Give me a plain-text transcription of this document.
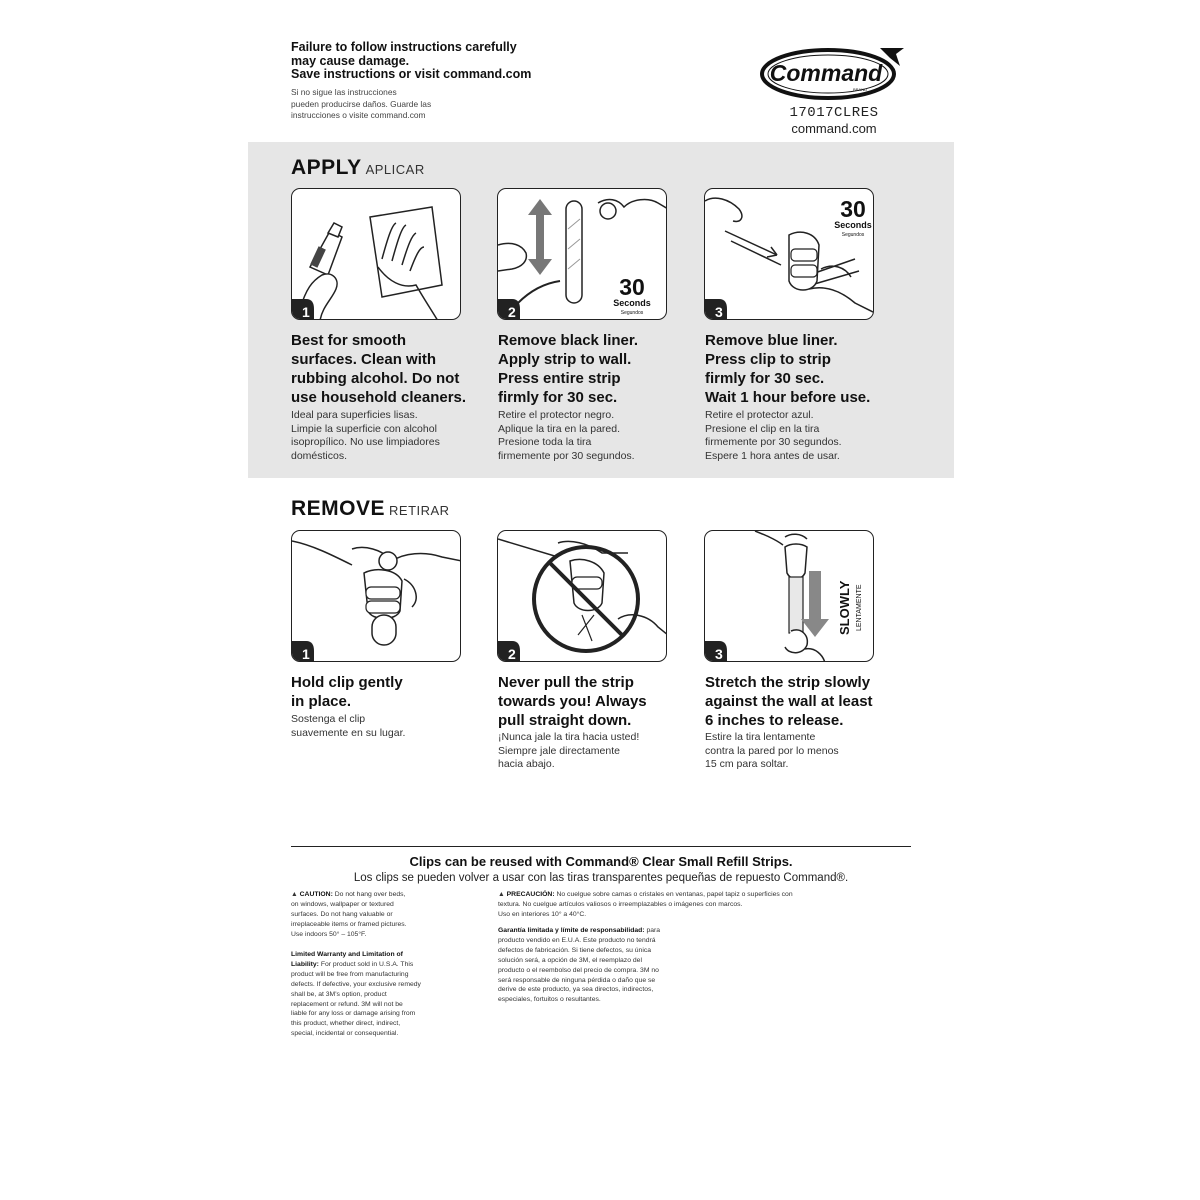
Failure to follow instructions carefully
may cause damage.
Save instructions or visit command.com
Si no sigue las instrucciones
pueden producirse daños. Guarde las
instrucciones o visite command.com
Command
BRAND
17017CLRES
command.com
APPLY APLICAR
1
30
Seconds
Segundos
2
30
Seconds
Segundos
3
Best for smooth
surfaces. Clean with
rubbing alcohol. Do not
use household cleaners.
Ideal para superficies lisas.
Limpie la superficie con alcohol
isopropílico. No use limpiadores
domésticos.
Remove black liner.
Apply strip to wall.
Press entire strip
firmly for 30 sec.
Retire el protector negro.
Aplique la tira en la pared.
Presione toda la tira
firmemente por 30 segundos.
Remove blue liner.
Press clip to strip
firmly for 30 sec.
Wait 1 hour before use.
Retire el protector azul.
Presione el clip en la tira
firmemente por 30 segundos.
Espere 1 hora antes de usar.
REMOVE RETIRAR
1	2
SLOWLY LENTAMENTE
3
Hold clip gently
in place.
Sostenga el clip
suavemente en su lugar.
Never pull the strip
towards you! Always
pull straight down.
¡Nunca jale la tira hacia usted!
Siempre jale directamente
hacia abajo.
Stretch the strip slowly
against the wall at least
6 inches to release.
Estire la tira lentamente
contra la pared por lo menos
15 cm para soltar.
Clips can be reused with Command® Clear Small Refill Strips.
Los clips se pueden volver a usar con las tiras transparentes pequeñas de repuesto Command®.
▲ CAUTION: Do not hang over beds,
on windows, wallpaper or textured
surfaces. Do not hang valuable or
irreplaceable items or framed pictures.
Use indoors 50° – 105°F.
Limited Warranty and Limitation of
Liability: For product sold in U.S.A. This
product will be free from manufacturing
defects. If defective, your exclusive remedy
shall be, at 3M's option, product
replacement or refund. 3M will not be
liable for any loss or damage arising from
this product, whether direct, indirect,
special, incidental or consequential.
▲ PRECAUCIÓN: No cuelgue sobre camas o cristales en ventanas, papel tapiz o superficies con
textura. No cuelgue artículos valiosos o irreemplazables o imágenes con marcos.
Uso en interiores 10° a 40°C.
Garantía limitada y límite de responsabilidad: para
producto vendido en E.U.A. Este producto no tendrá
defectos de fabricación. Si tiene defectos, su única
solución será, a opción de 3M, el reemplazo del
producto o el reembolso del precio de compra. 3M no
será responsable de ninguna pérdida o daño que se
derive de este producto, ya sea directos, indirectos,
especiales, fortuitos o resultantes.
